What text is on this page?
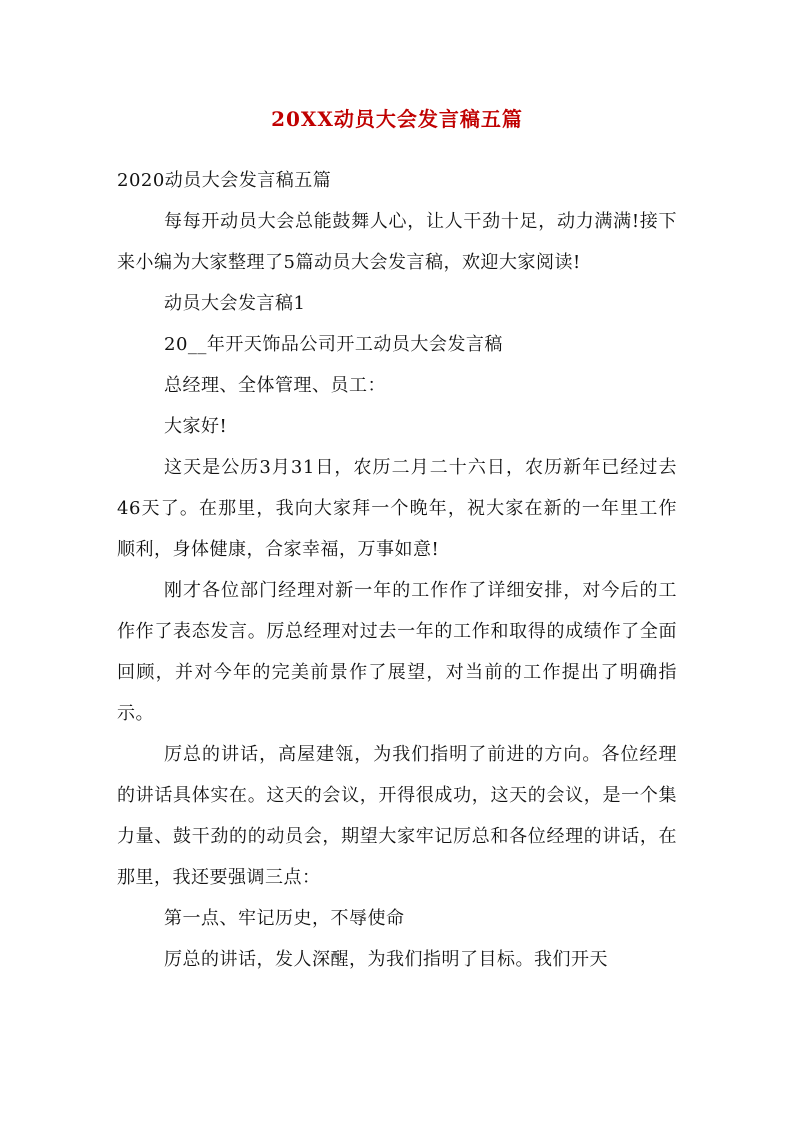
20XX动员大会发言稿五篇

2020动员大会发言稿五篇

每每开动员大会总能鼓舞人心，让人干劲十足，动力满满!接下来小编为大家整理了5篇动员大会发言稿，欢迎大家阅读!

动员大会发言稿1

20__年开天饰品公司开工动员大会发言稿

总经理、全体管理、员工：

大家好!

这天是公历3月31日，农历二月二十六日，农历新年已经过去46天了。在那里，我向大家拜一个晚年，祝大家在新的一年里工作顺利，身体健康，合家幸福，万事如意!

刚才各位部门经理对新一年的工作作了详细安排，对今后的工作作了表态发言。厉总经理对过去一年的工作和取得的成绩作了全面回顾，并对今年的完美前景作了展望，对当前的工作提出了明确指示。

厉总的讲话，高屋建瓴，为我们指明了前进的方向。各位经理的讲话具体实在。这天的会议，开得很成功，这天的会议，是一个集力量、鼓干劲的的动员会，期望大家牢记厉总和各位经理的讲话，在那里，我还要强调三点：

第一点、牢记历史，不辱使命

厉总的讲话，发人深醒，为我们指明了目标。我们开天
